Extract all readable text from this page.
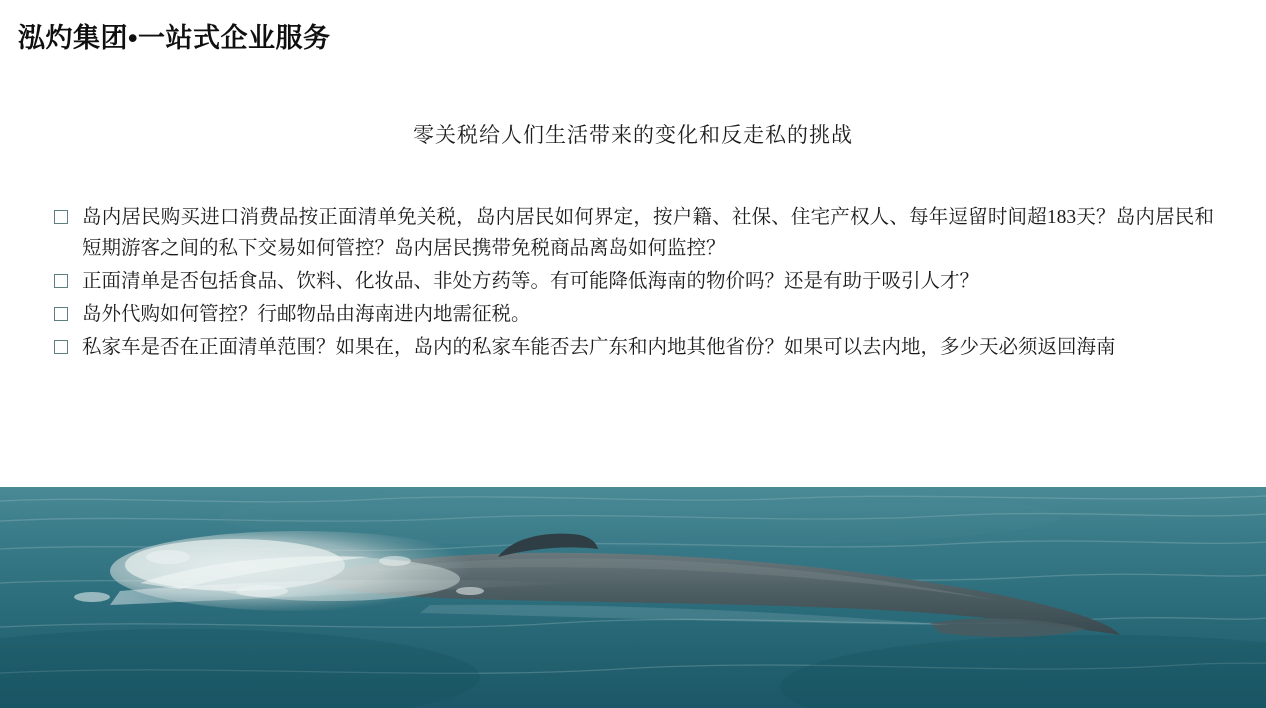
泓灼集团•一站式企业服务
零关税给人们生活带来的变化和反走私的挑战
岛内居民购买进口消费品按正面清单免关税，岛内居民如何界定，按户籍、社保、住宅产权人、每年逗留时间超183天？岛内居民和短期游客之间的私下交易如何管控？岛内居民携带免税商品离岛如何监控？
正面清单是否包括食品、饮料、化妆品、非处方药等。有可能降低海南的物价吗？还是有助于吸引人才？
岛外代购如何管控？行邮物品由海南进内地需征税。
私家车是否在正面清单范围？如果在，岛内的私家车能否去广东和内地其他省份？如果可以去内地，多少天必须返回海南
